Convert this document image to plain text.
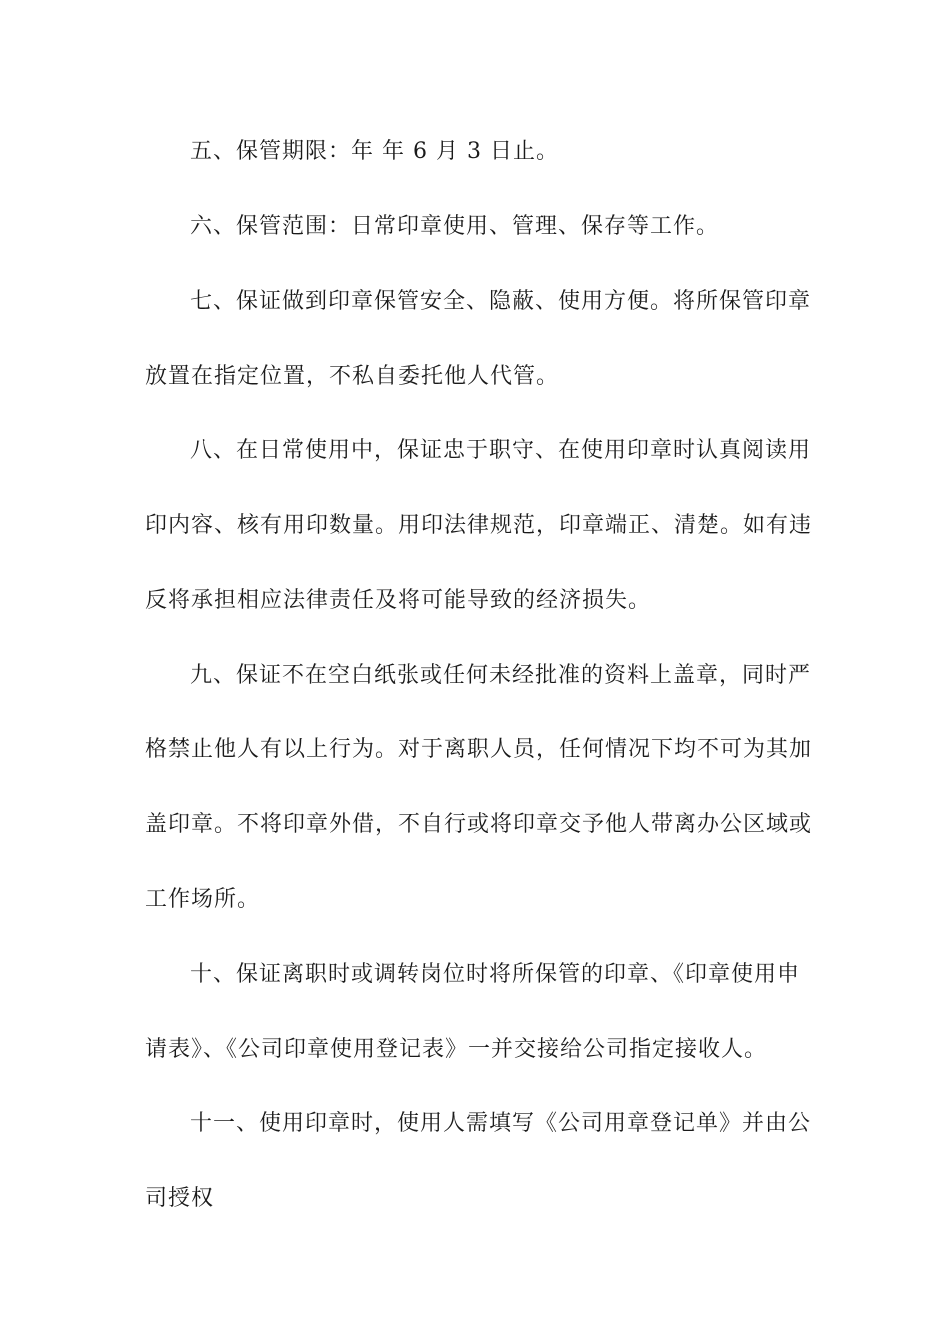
五、保管期限：年 年 6 月 3 日止。
六、保管范围：日常印章使用、管理、保存等工作。
七、保证做到印章保管安全、隐蔽、使用方便。将所保管印章
放置在指定位置，不私自委托他人代管。
八、在日常使用中，保证忠于职守、在使用印章时认真阅读用
印内容、核有用印数量。用印法律规范，印章端正、清楚。如有违
反将承担相应法律责任及将可能导致的经济损失。
九、保证不在空白纸张或任何未经批准的资料上盖章，同时严
格禁止他人有以上行为。对于离职人员，任何情况下均不可为其加
盖印章。不将印章外借，不自行或将印章交予他人带离办公区域或
工作场所。
十、保证离职时或调转岗位时将所保管的印章、《印章使用申
请表》、《公司印章使用登记表》一并交接给公司指定接收人。
十一、使用印章时，使用人需填写《公司用章登记单》并由公
司授权
